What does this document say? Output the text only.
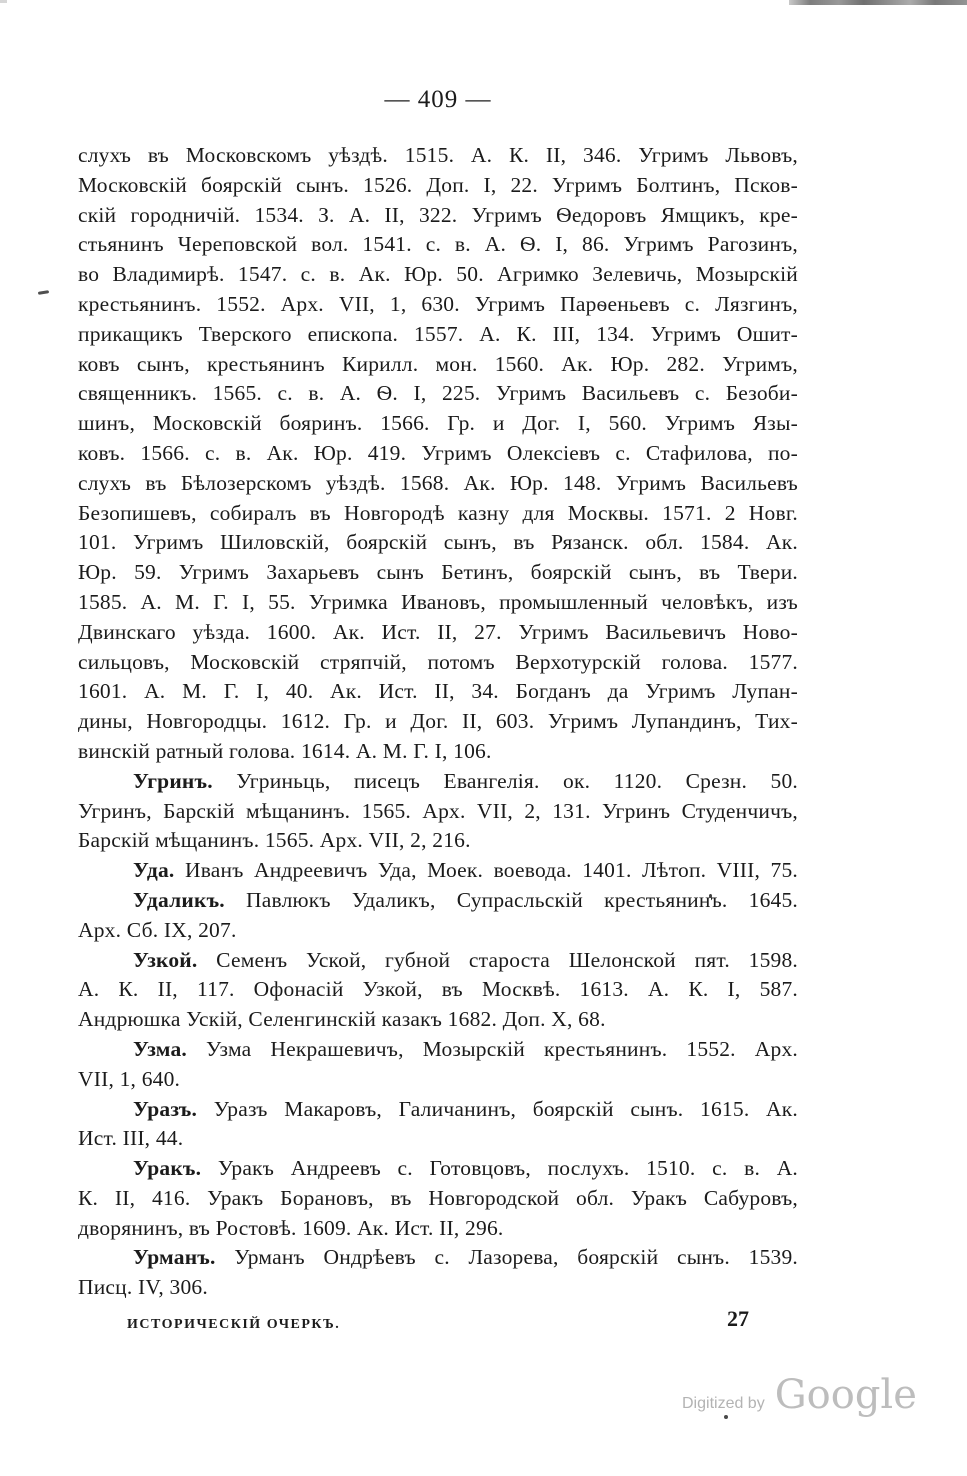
— 409 —
слухъ въ Московскомъ уѣздѣ. 1515. А. К. II, 346. Угримъ Львовъ,
Московскій боярскій сынъ. 1526. Доп. I, 22. Угримъ Болтинъ, Псков-
скій городничій. 1534. З. А. II, 322. Угримъ Ѳедоровъ Ямщикъ, кре-
стьянинъ Череповской вол. 1541. с. в. А. Ѳ. I, 86. Угримъ Рагозинъ,
во Владимирѣ. 1547. с. в. Ак. Юр. 50. Агримко Зелевичь, Мозырскій
крестьянинъ. 1552. Арх. VII, 1, 630. Угримъ Парѳеньевъ с. Лязгинъ,
прикащикъ Тверского епископа. 1557. А. К. III, 134. Угримъ Ошит-
ковъ сынъ, крестьянинъ Кирилл. мон. 1560. Ак. Юр. 282. Угримъ,
священникъ. 1565. с. в. А. Ѳ. I, 225. Угримъ Васильевъ с. Безоби-
шинъ, Московскій бояринъ. 1566. Гр. и Дог. I, 560. Угримъ Язы-
ковъ. 1566. с. в. Ак. Юр. 419. Угримъ Олексіевъ с. Стафилова, по-
слухъ въ Бѣлозерскомъ уѣздѣ. 1568. Ак. Юр. 148. Угримъ Васильевъ
Безопишевъ, собиралъ въ Новгородѣ казну для Москвы. 1571. 2 Новг.
101. Угримъ Шиловскій, боярскій сынъ, въ Рязанск. обл. 1584. Ак.
Юр. 59. Угримъ Захарьевъ сынъ Бетинъ, боярскій сынъ, въ Твери.
1585. А. М. Г. I, 55. Угримка Ивановъ, промышленный человѣкъ, изъ
Двинскаго уѣзда. 1600. Ак. Ист. II, 27. Угримъ Васильевичъ Ново-
сильцовъ, Московскій стряпчій, потомъ Верхотурскій голова. 1577.
1601. А. М. Г. I, 40. Ак. Ист. II, 34. Богданъ да Угримъ Лупан-
дины, Новгородцы. 1612. Гр. и Дог. II, 603. Угримъ Лупандинъ, Тих-
винскій ратный голова. 1614. А. М. Г. I, 106.
Угринъ. Угриньць, писецъ Евангелія. ок. 1120. Срезн. 50.
Угринъ, Барскій мѣщанинъ. 1565. Арх. VII, 2, 131. Угринъ Студенчичъ,
Барскій мѣщанинъ. 1565. Арх. VII, 2, 216.
Уда. Иванъ Андреевичъ Уда, Моек. воевода. 1401. Лѣтоп. VIII, 75.
Удаликъ. Павлюкъ Удаликъ, Супрасльскій крестьянинъ. 1645.
Арх. Сб. IX, 207.
Узкой. Семенъ Уской, губной староста Шелонской пят. 1598.
А. К. II, 117. Офонасій Узкой, въ Москвѣ. 1613. А. К. I, 587.
Андрюшка Ускій, Селенгинскій казакъ 1682. Доп. X, 68.
Узма. Узма Некрашевичъ, Мозырскій крестьянинъ. 1552. Арх.
VII, 1, 640.
Уразъ. Уразъ Макаровъ, Галичанинъ, боярскій сынъ. 1615. Ак.
Ист. III, 44.
Уракъ. Уракъ Андреевъ с. Готовцовъ, послухъ. 1510. с. в. А.
К. II, 416. Уракъ Борановъ, въ Новгородской обл. Уракъ Сабуровъ,
дворянинъ, въ Ростовѣ. 1609. Ак. Ист. II, 296.
Урманъ. Урманъ Ондрѣевъ с. Лазорева, боярскій сынъ. 1539.
Писц. IV, 306.
ИСТОРИЧЕСКІЙ ОЧЕРКЪ.	27
Digitized by Google
